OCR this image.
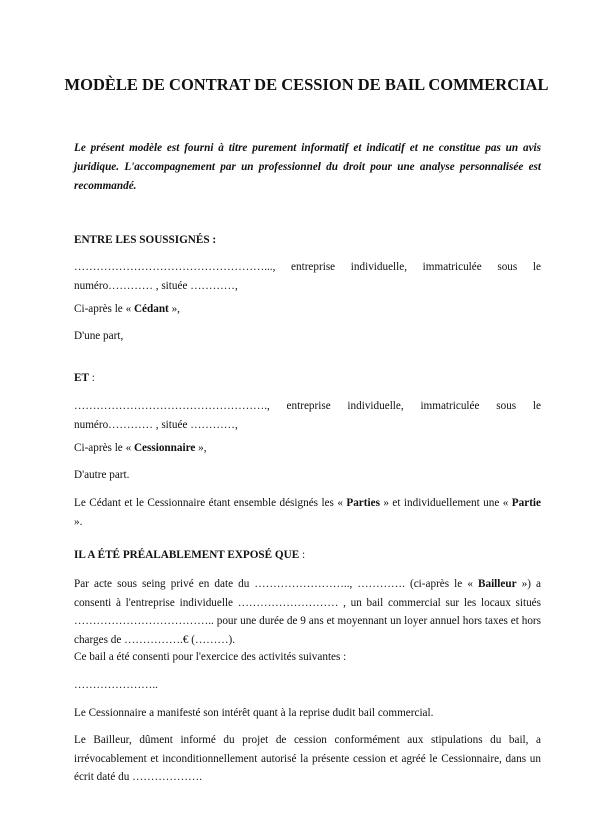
MODÈLE DE CONTRAT DE CESSION DE BAIL COMMERCIAL

Le présent modèle est fourni à titre purement informatif et indicatif et ne constitue pas un avis juridique. L'accompagnement par un professionnel du droit pour une analyse personnalisée est recommandé.

ENTRE LES SOUSSIGNÉS :

……………………………………………..., entreprise individuelle, immatriculée sous le numéro………… , située …………,

Ci-après le « Cédant »,

D'une part,

ET :

……………………………………………., entreprise individuelle, immatriculée sous le numéro………… , située …………,

Ci-après le « Cessionnaire »,

D'autre part.

Le Cédant et le Cessionnaire étant ensemble désignés les « Parties » et individuellement une « Partie ».

IL A ÉTÉ PRÉALABLEMENT EXPOSÉ QUE :

Par acte sous seing privé en date du …………………….., …………. (ci-après le « Bailleur ») a consenti à l'entreprise individuelle ……………………… , un bail commercial sur les locaux situés ……………………………….. pour une durée de 9 ans et moyennant un loyer annuel hors taxes et hors charges de …………….€ (………).

Ce bail a été consenti pour l'exercice des activités suivantes :

…………………..

Le Cessionnaire a manifesté son intérêt quant à la reprise dudit bail commercial.

Le Bailleur, dûment informé du projet de cession conformément aux stipulations du bail, a irrévocablement et inconditionnellement autorisé la présente cession et agréé le Cessionnaire, dans un écrit daté du ……………….
